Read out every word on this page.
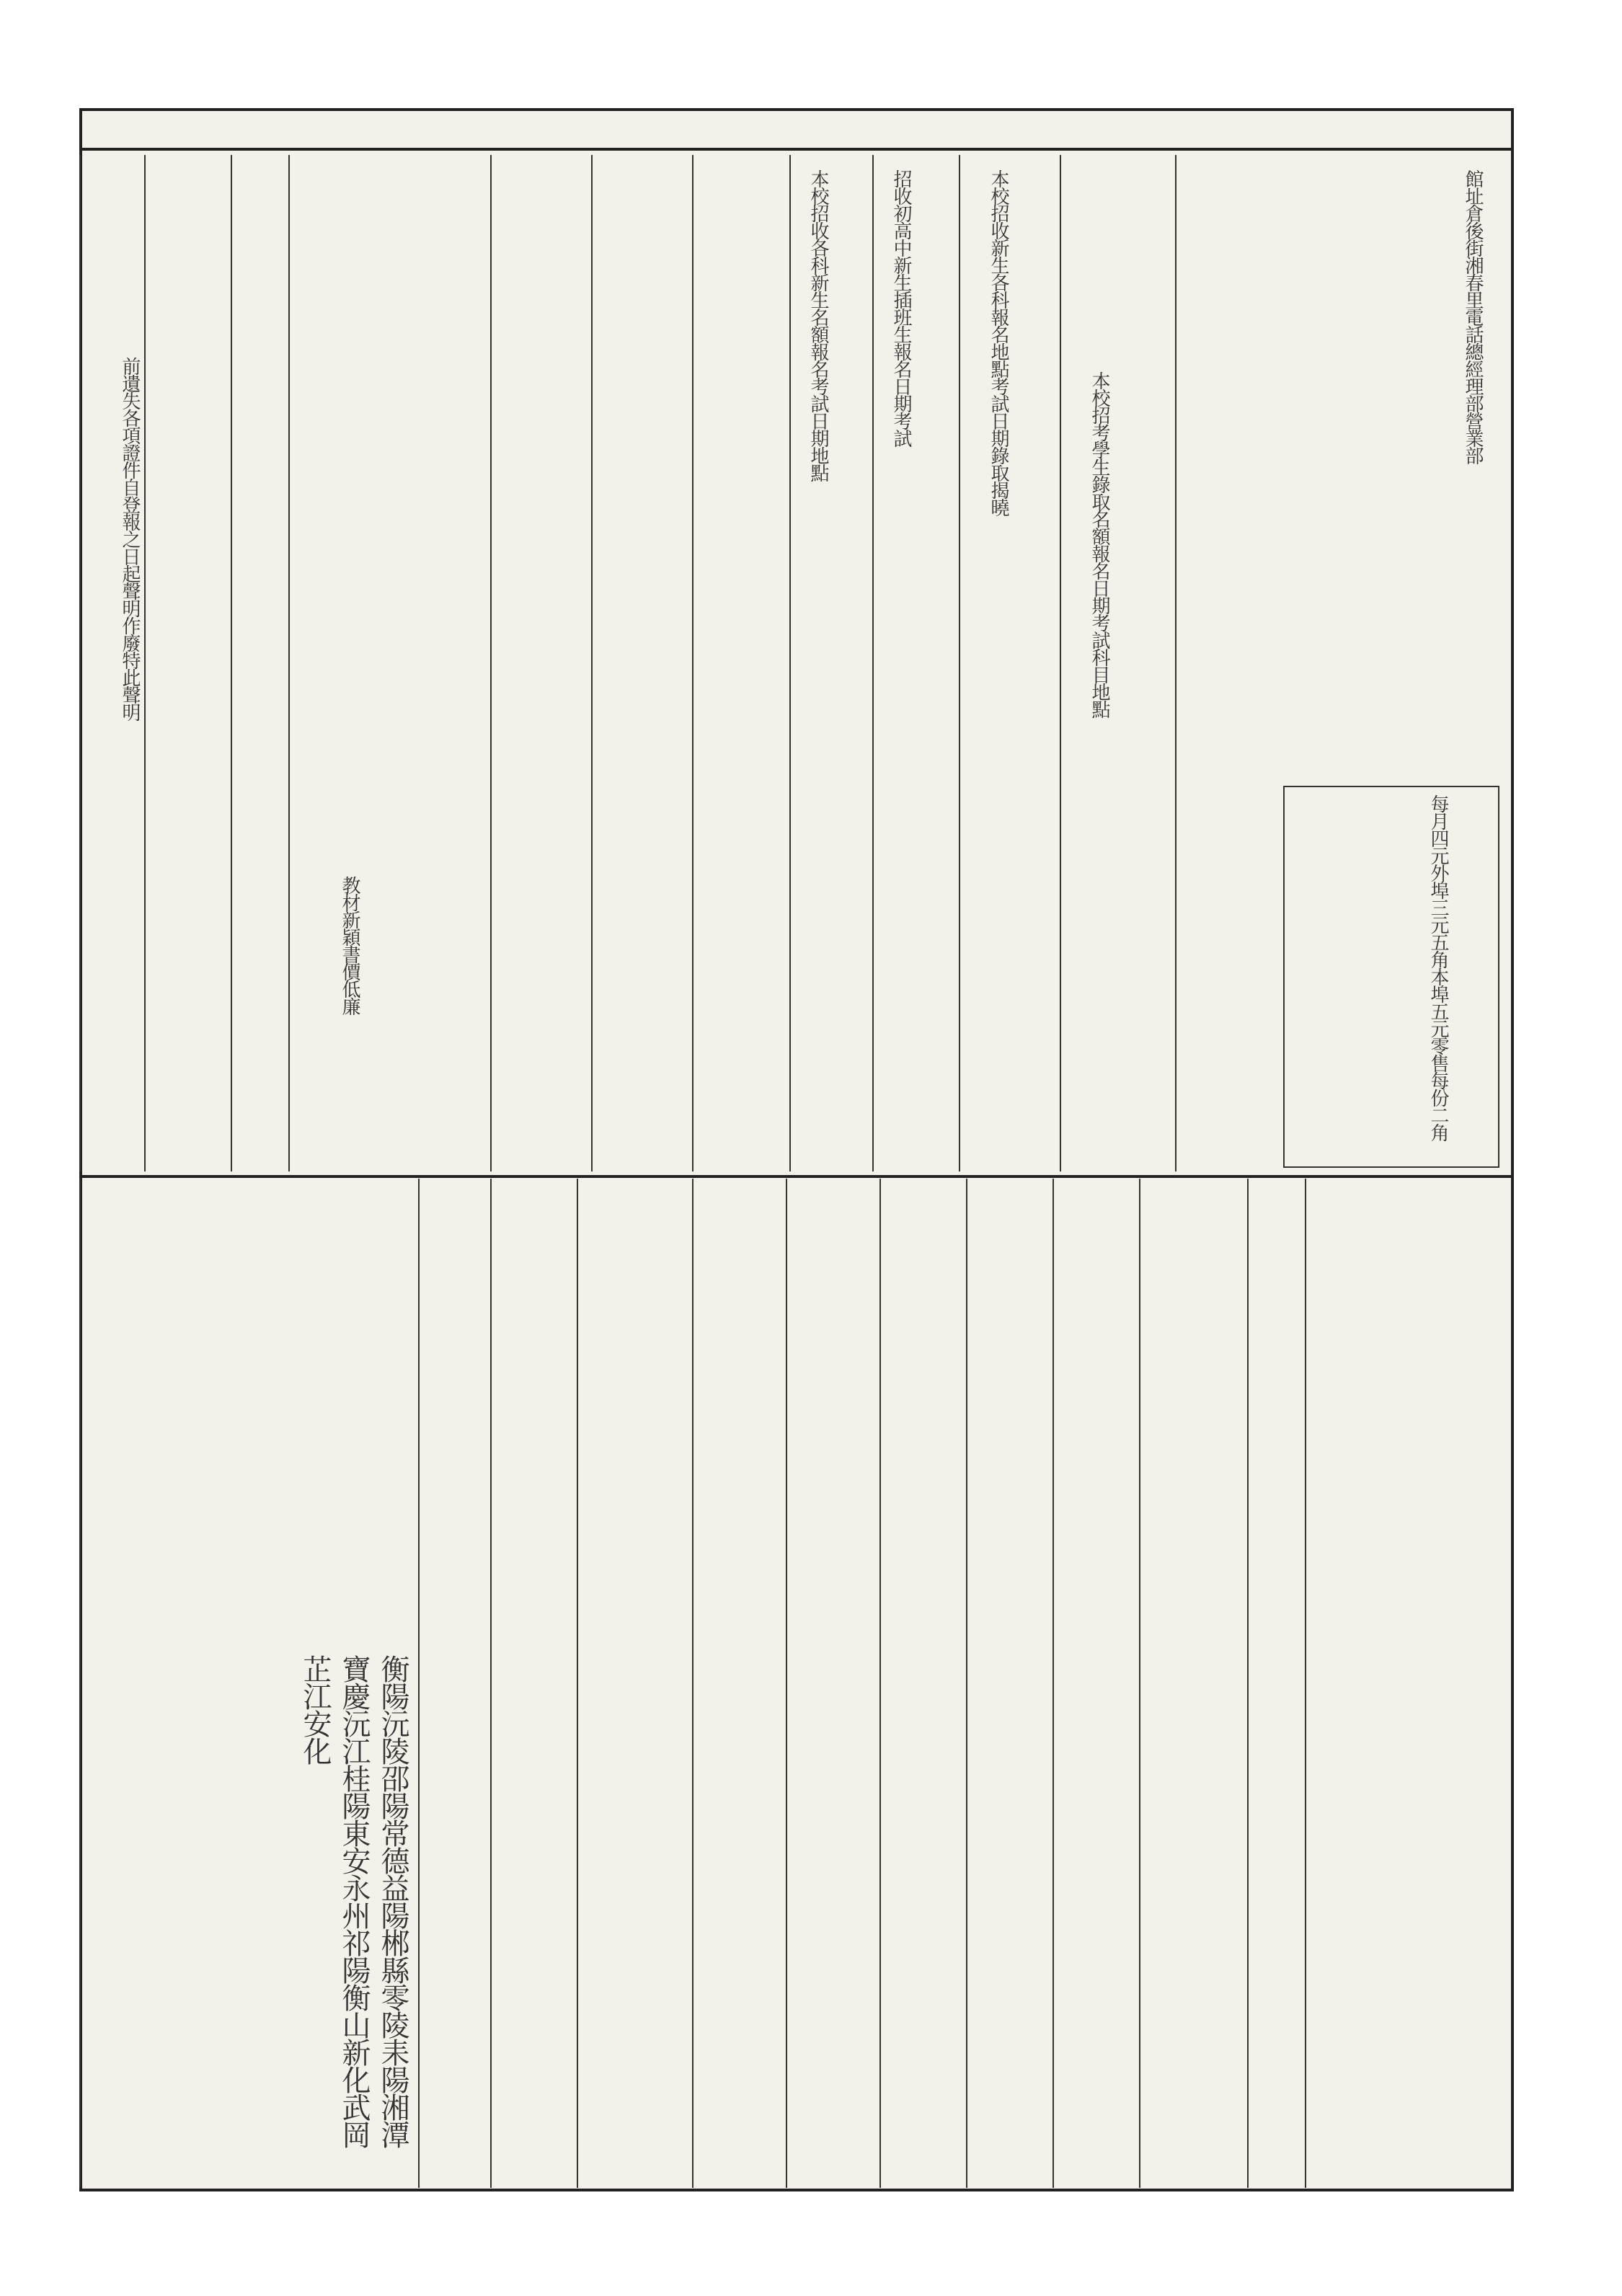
館址倉後街湘春里電話總經理部營業部
每月四元外埠三元五角本埠五元零售每份二角
本校招考學生錄取名額報名日期考試科目地點
本校招收新生各科報名地點考試日期錄取揭曉
招收初高中新生插班生報名日期考試
本校招收各科新生名額報名考試日期地點
教材新穎書價低廉
前遺失各項證件自登報之日起聲明作廢特此聲明
衡陽沅陵邵陽常德益陽郴縣零陵耒陽湘潭寶慶沅江桂陽東安永州祁陽衡山新化武岡芷江安化
